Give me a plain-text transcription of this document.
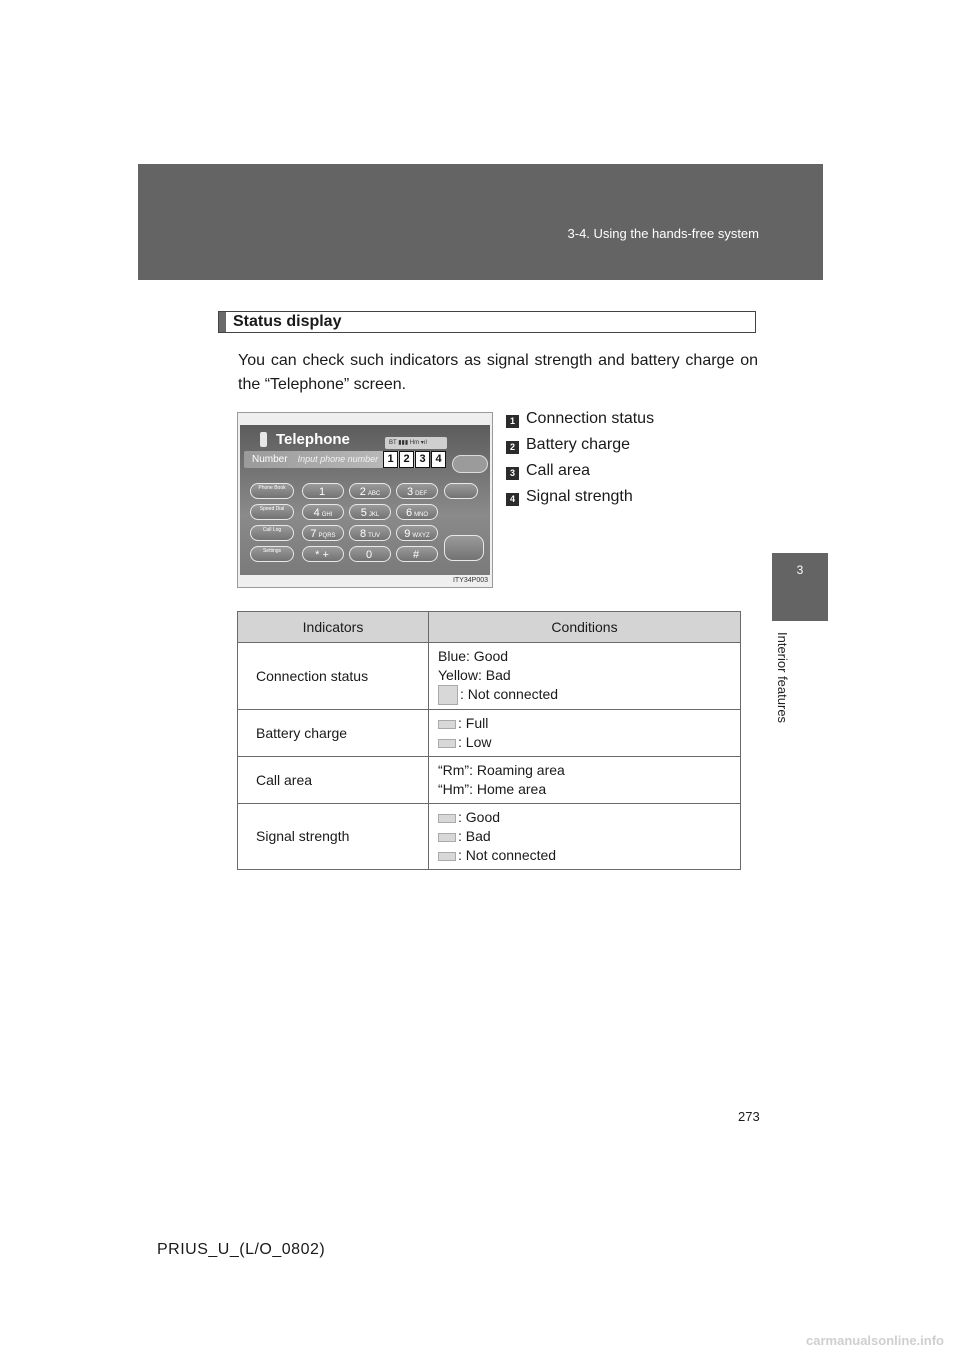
3-4. Using the hands-free system
3
Interior features
Status display
You can check such indicators as signal strength and battery charge on the “Telephone” screen.
Telephone	BT ▮▮▮ Hm ▾ıl
Number Input phone number 1 2 3 4
Phone Book
Speed Dial
Call Log
Settings
1	2 ABC	3 DEF
4 GHI	5 JKL	6 MNO
7 PQRS	8 TUV	9 WXYZ
* +	0	#
ITY34P003
1 Connection status
2 Battery charge
3 Call area
4 Signal strength
Indicators	Conditions
Connection status	Blue: Good
Yellow: Bad
: Not connected

Battery charge	: Full
: Low

Call area	“Rm”: Roaming area
“Hm”: Home area

Signal strength	: Good
: Bad
: Not connected
273
PRIUS_U_(L/O_0802)
carmanualsonline.info
